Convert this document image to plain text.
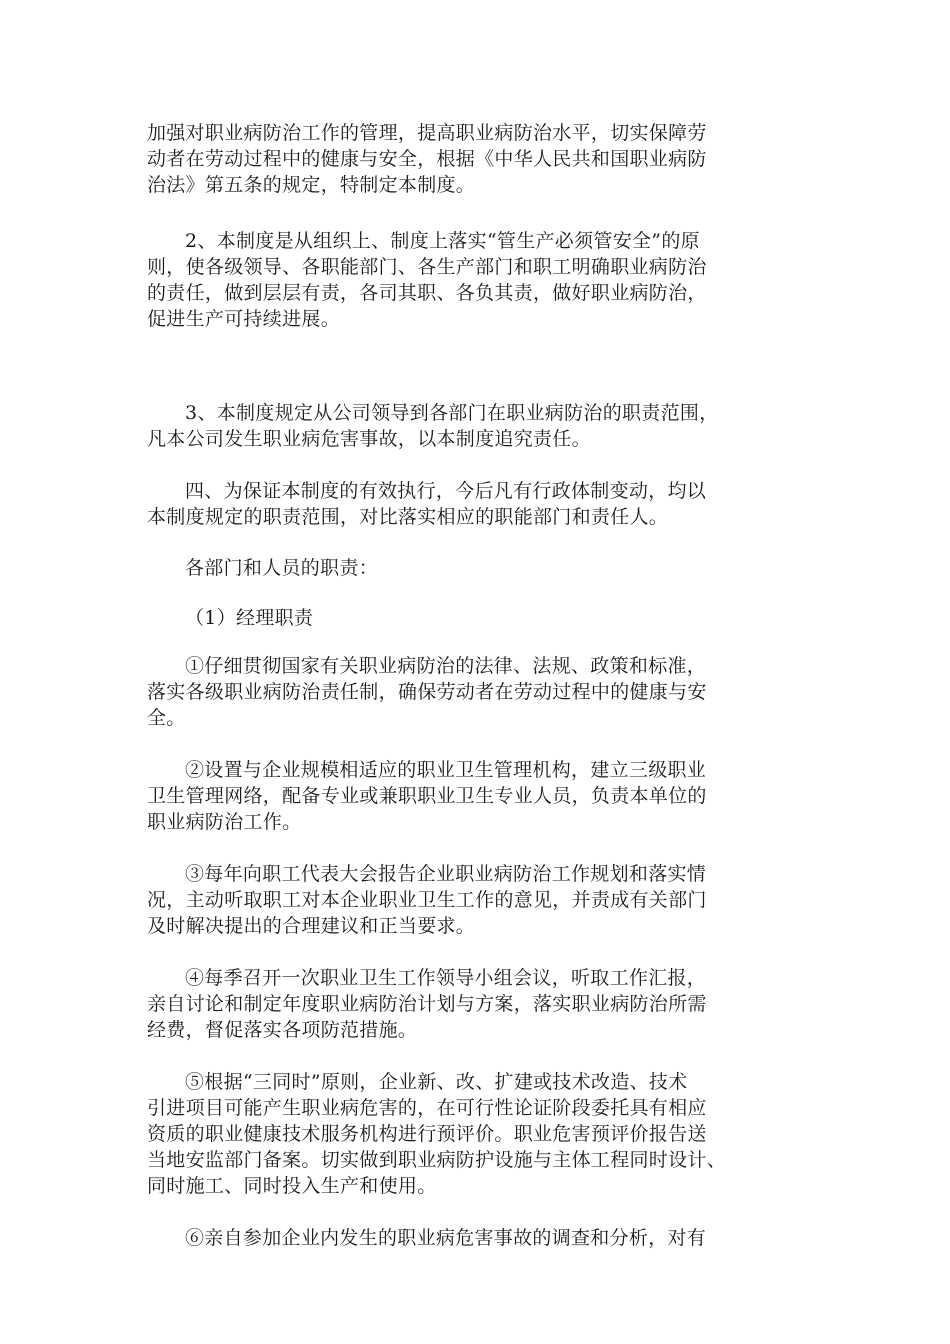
加强对职业病防治工作的管理，提高职业病防治水平，切实保障劳
动者在劳动过程中的健康与安全，根据《中华人民共和国职业病防
治法》第五条的规定，特制定本制度。
2、本制度是从组织上、制度上落实“管生产必须管安全”的原
则，使各级领导、各职能部门、各生产部门和职工明确职业病防治
的责任，做到层层有责，各司其职、各负其责，做好职业病防治，
促进生产可持续进展。
3、本制度规定从公司领导到各部门在职业病防治的职责范围，
凡本公司发生职业病危害事故，以本制度追究责任。
四、为保证本制度的有效执行，今后凡有行政体制变动，均以
本制度规定的职责范围，对比落实相应的职能部门和责任人。
各部门和人员的职责：
（1）经理职责
①仔细贯彻国家有关职业病防治的法律、法规、政策和标准，
落实各级职业病防治责任制，确保劳动者在劳动过程中的健康与安
全。
②设置与企业规模相适应的职业卫生管理机构，建立三级职业
卫生管理网络，配备专业或兼职职业卫生专业人员，负责本单位的
职业病防治工作。
③每年向职工代表大会报告企业职业病防治工作规划和落实情
况，主动听取职工对本企业职业卫生工作的意见，并责成有关部门
及时解决提出的合理建议和正当要求。
④每季召开一次职业卫生工作领导小组会议，听取工作汇报，
亲自讨论和制定年度职业病防治计划与方案，落实职业病防治所需
经费，督促落实各项防范措施。
⑤根据“三同时”原则，企业新、改、扩建或技术改造、技术
引进项目可能产生职业病危害的，在可行性论证阶段委托具有相应
资质的职业健康技术服务机构进行预评价。职业危害预评价报告送
当地安监部门备案。切实做到职业病防护设施与主体工程同时设计、
同时施工、同时投入生产和使用。
⑥亲自参加企业内发生的职业病危害事故的调查和分析，对有
